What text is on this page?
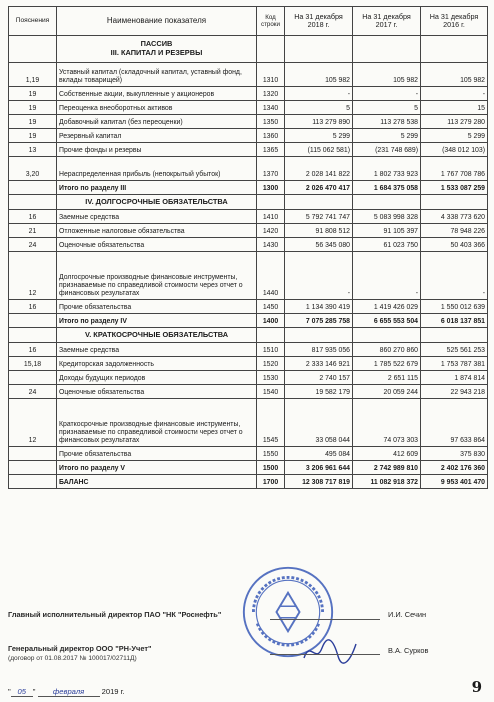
Пояснения	Наименование показателя	Код строки	На 31 декабря 2018 г.	На 31 декабря 2017 г.	На 31 декабря 2016 г.
	ПАССИВ
III. КАПИТАЛ И РЕЗЕРВЫ				
1,19	Уставный капитал (складочный капитал, уставный фонд, вклады товарищей)	1310	105 982	105 982	105 982
19	Собственные акции, выкупленные у акционеров	1320	-	-	-
19	Переоценка внеоборотных активов	1340	5	5	15
19	Добавочный капитал (без переоценки)	1350	113 279 890	113 278 538	113 279 280
19	Резервный капитал	1360	5 299	5 299	5 299
13	Прочие фонды и резервы	1365	(115 062 581)	(231 748 689)	(348 012 103)
3,20	Нераспределенная прибыль (непокрытый убыток)	1370	2 028 141 822	1 802 733 923	1 767 708 786
	Итого по разделу III	1300	2 026 470 417	1 684 375 058	1 533 087 259
	IV. ДОЛГОСРОЧНЫЕ ОБЯЗАТЕЛЬСТВА				
16	Заемные средства	1410	5 792 741 747	5 083 998 328	4 338 773 620
21	Отложенные налоговые обязательства	1420	91 808 512	91 105 397	78 948 226
24	Оценочные обязательства	1430	56 345 080	61 023 750	50 403 366
12	Долгосрочные производные финансовые инструменты, признаваемые по справедливой стоимости через отчет о финансовых результатах	1440	-	-	-
16	Прочие обязательства	1450	1 134 390 419	1 419 426 029	1 550 012 639
	Итого по разделу IV	1400	7 075 285 758	6 655 553 504	6 018 137 851
	V. КРАТКОСРОЧНЫЕ ОБЯЗАТЕЛЬСТВА				
16	Заемные средства	1510	817 935 056	860 270 860	525 561 253
15,18	Кредиторская задолженность	1520	2 333 146 921	1 785 522 679	1 753 787 381
	Доходы будущих периодов	1530	2 740 157	2 651 115	1 874 814
24	Оценочные обязательства	1540	19 582 179	20 059 244	22 943 218
12	Краткосрочные производные финансовые инструменты, признаваемые по справедливой стоимости через отчет о финансовых результатах	1545	33 058 044	74 073 303	97 633 864
	Прочие обязательства	1550	495 084	412 609	375 830
	Итого по разделу V	1500	3 206 961 644	2 742 989 810	2 402 176 360
	БАЛАНС	1700	12 308 717 819	11 082 918 372	9 953 401 470
Главный исполнительный директор ПАО "НК "Роснефть"	И.И. Сечин
Генеральный директор ООО "РН-Учет"
(договор от 01.08.2017 № 100017/02711Д)
В.А. Сурков
" 05 " февраля 2019 г.	9
